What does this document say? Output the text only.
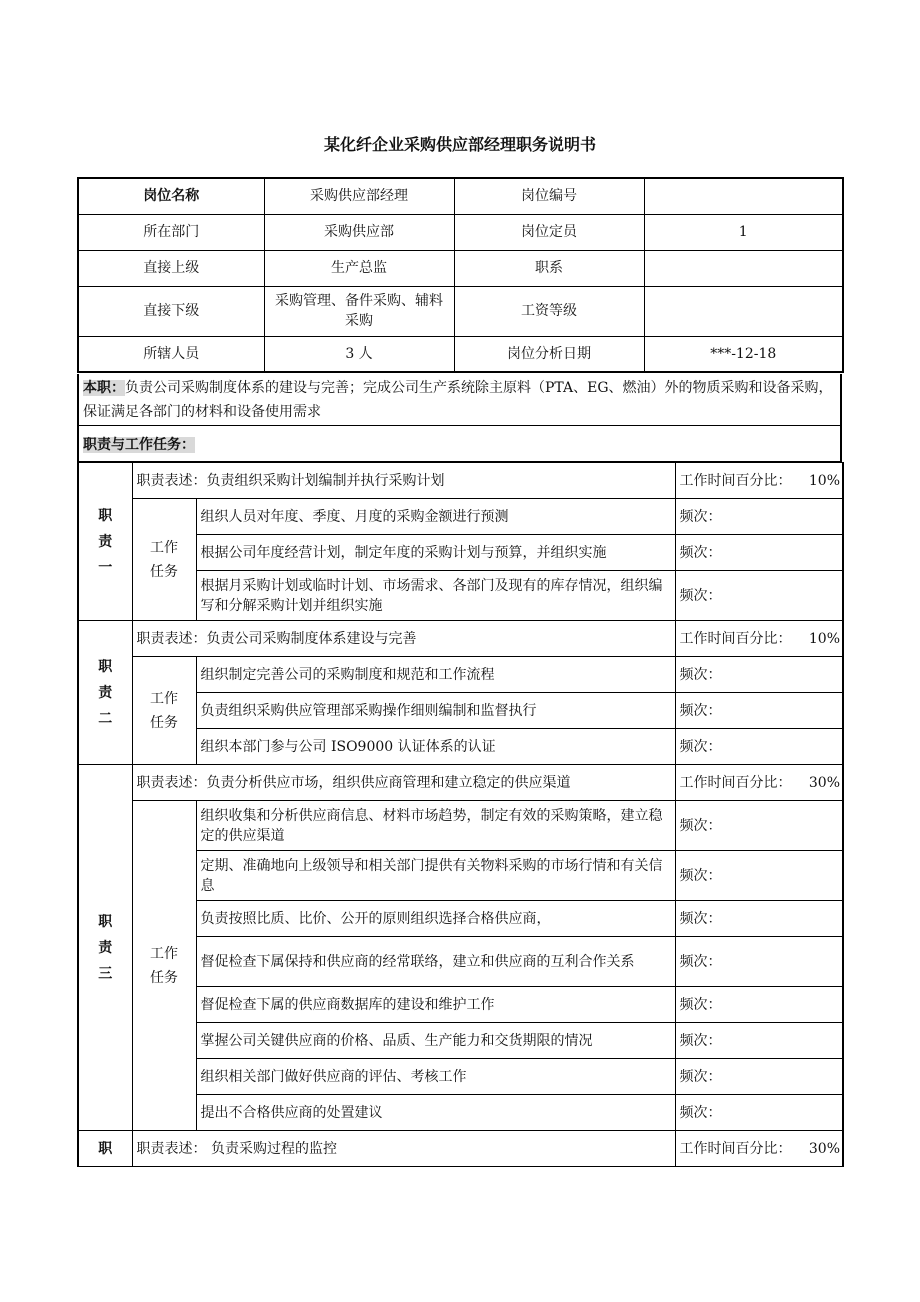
某化纤企业采购供应部经理职务说明书
岗位名称	采购供应部经理	岗位编号	
所在部门	采购供应部	岗位定员	1
直接上级	生产总监	职系	
直接下级	采购管理、备件采购、辅料采购	工资等级	
所辖人员	3 人	岗位分析日期	***-12-18
本职：负责公司采购制度体系的建设与完善；完成公司生产系统除主原料（PTA、EG、燃油）外的物质采购和设备采购，保证满足各部门的材料和设备使用需求
职责与工作任务：
职责一	职责表述：负责组织采购计划编制并执行采购计划		工作时间百分比： 10%

	工作任务	组织人员对年度、季度、月度的采购金额进行预测	频次：
		根据公司年度经营计划，制定年度的采购计划与预算，并组织实施	频次：
		根据月采购计划或临时计划、市场需求、各部门及现有的库存情况，组织编写和分解采购计划并组织实施	频次：
职责二	职责表述：负责公司采购制度体系建设与完善		工作时间百分比： 10%

	工作任务	组织制定完善公司的采购制度和规范和工作流程	频次：
		负责组织采购供应管理部采购操作细则编制和监督执行	频次：
		组织本部门参与公司 ISO9000 认证体系的认证	频次：
职责三	职责表述：负责分析供应市场，组织供应商管理和建立稳定的供应渠道		工作时间百分比： 30%

	工作任务	组织收集和分析供应商信息、材料市场趋势，制定有效的采购策略，建立稳定的供应渠道	频次：
		定期、准确地向上级领导和相关部门提供有关物料采购的市场行情和有关信息	频次：
		负责按照比质、比价、公开的原则组织选择合格供应商，	频次：
		督促检查下属保持和供应商的经常联络，建立和供应商的互利合作关系	频次：
		督促检查下属的供应商数据库的建设和维护工作	频次：
		掌握公司关键供应商的价格、品质、生产能力和交货期限的情况	频次：
		组织相关部门做好供应商的评估、考核工作	频次：
		提出不合格供应商的处置建议	频次：
职	职责表述： 负责采购过程的监控		工作时间百分比： 30%
